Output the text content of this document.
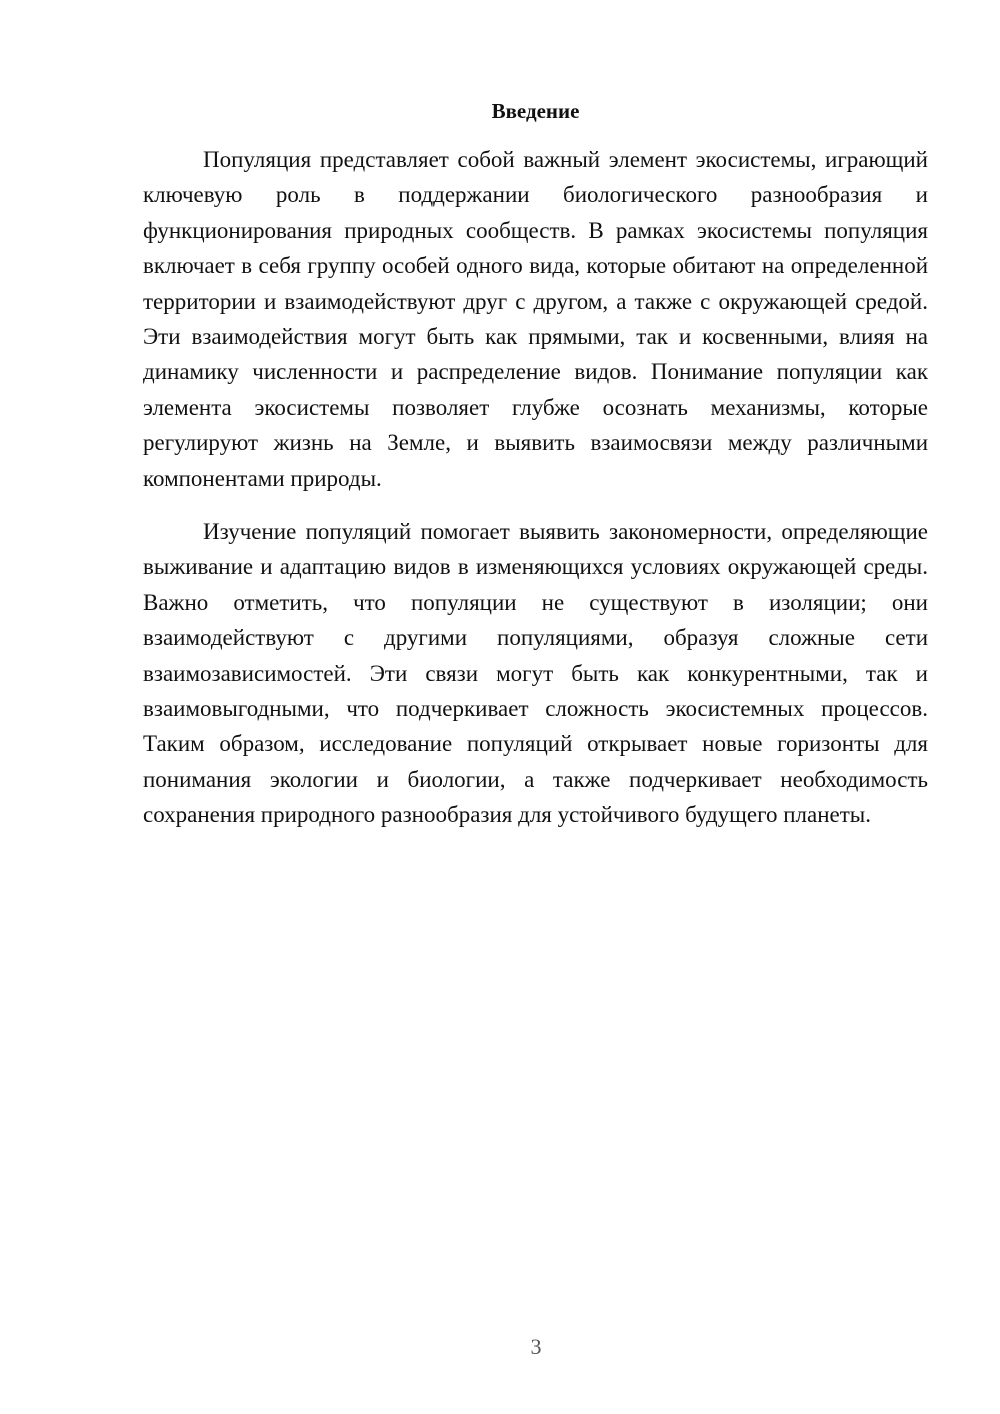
Введение

Популяция представляет собой важный элемент экосистемы, играющий ключевую роль в поддержании биологического разнообразия и функционирования природных сообществ. В рамках экосистемы популяция включает в себя группу особей одного вида, которые обитают на определенной территории и взаимодействуют друг с другом, а также с окружающей средой. Эти взаимодействия могут быть как прямыми, так и косвенными, влияя на динамику численности и распределение видов. Понимание популяции как элемента экосистемы позволяет глубже осознать механизмы, которые регулируют жизнь на Земле, и выявить взаимосвязи между различными компонентами природы.

Изучение популяций помогает выявить закономерности, определяющие выживание и адаптацию видов в изменяющихся условиях окружающей среды. Важно отметить, что популяции не существуют в изоляции; они взаимодействуют с другими популяциями, образуя сложные сети взаимозависимостей. Эти связи могут быть как конкурентными, так и взаимовыгодными, что подчеркивает сложность экосистемных процессов. Таким образом, исследование популяций открывает новые горизонты для понимания экологии и биологии, а также подчеркивает необходимость сохранения природного разнообразия для устойчивого будущего планеты.

3
